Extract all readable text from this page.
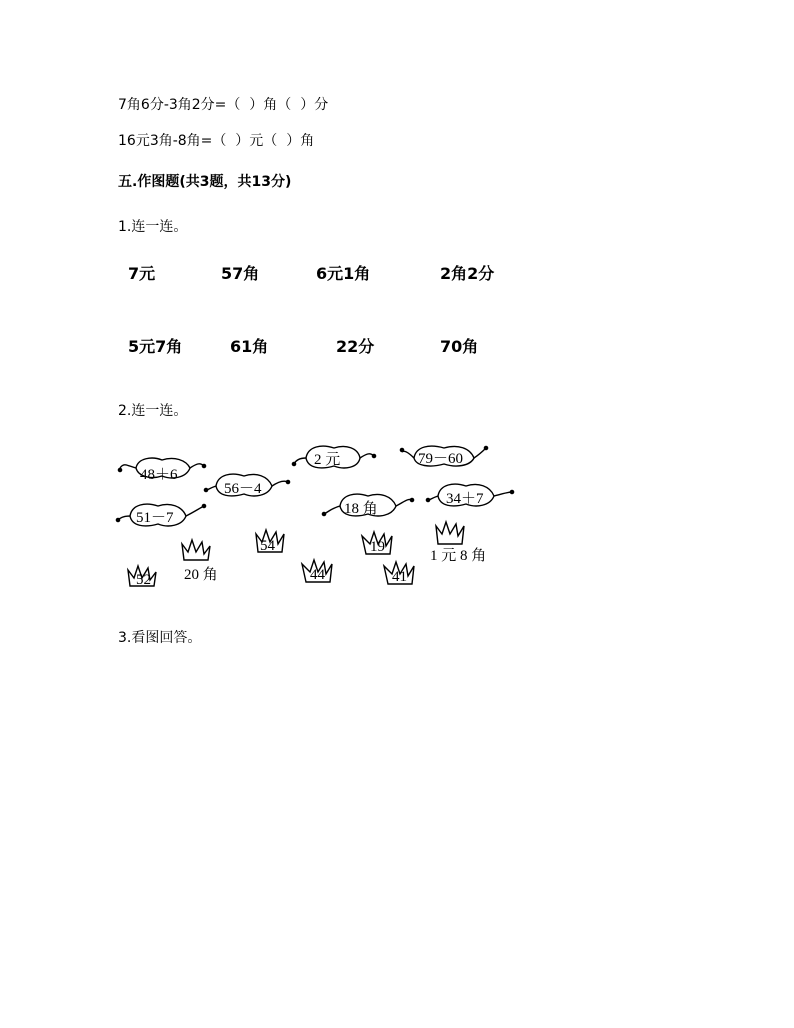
7角6分-3角2分=（  ）角（  ）分
16元3角-8角=（  ）元（  ）角
五.作图题(共3题，共13分)
1.连一连。
7元	57角	6元1角	2角2分
5元7角	61角	22分	70角
2.连一连。
48＋6
2 元	79－60
56－4
51－7
18 角
34＋7
54	19
52	44	41
20 角
1 元 8 角
3.看图回答。
